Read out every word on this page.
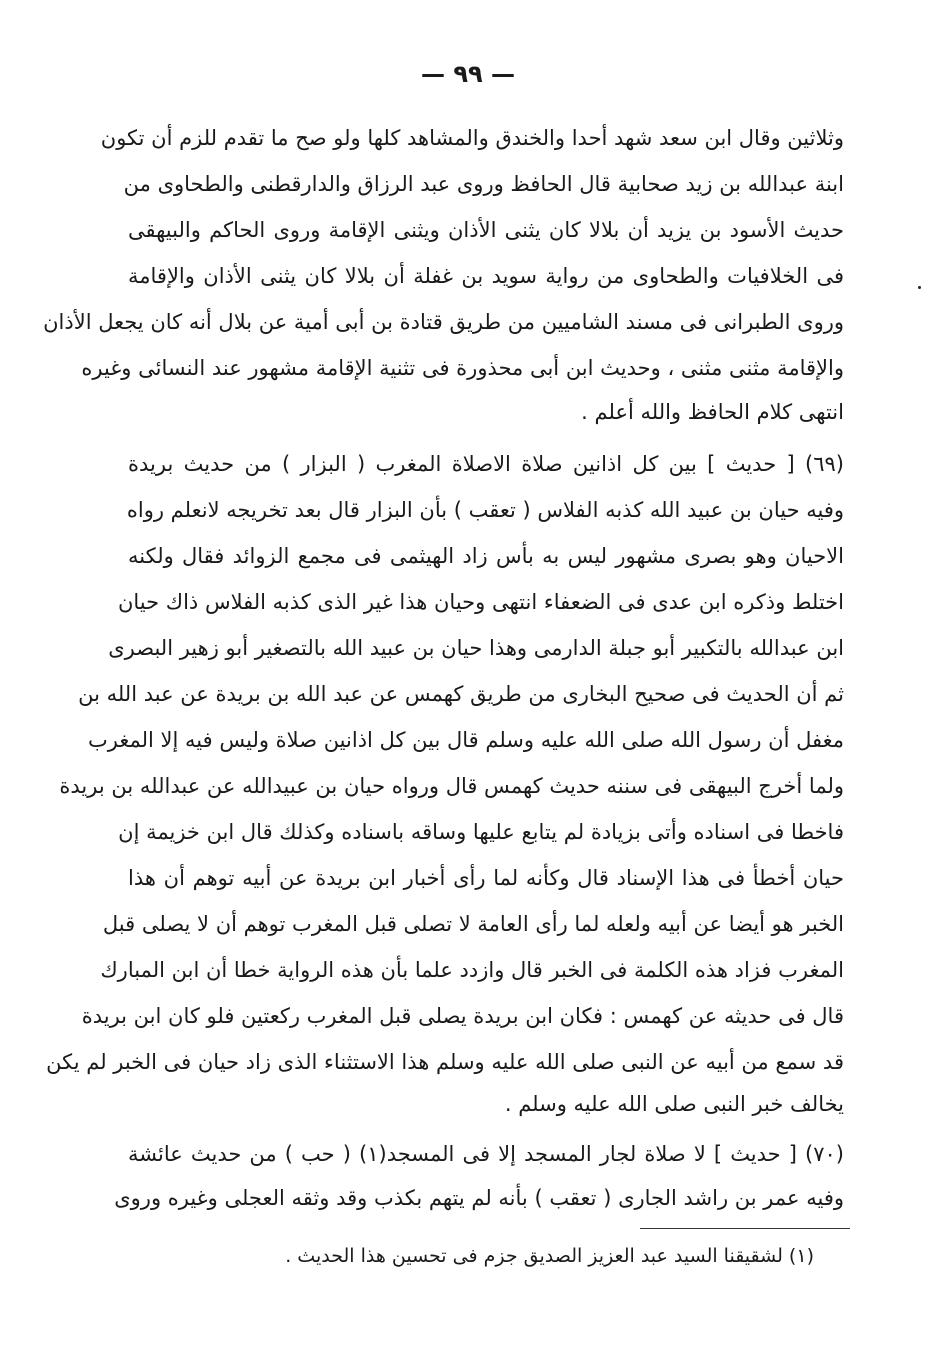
— ٩٩ —
وثلاثين وقال ابن سعد شهد أحدا والخندق والمشاهد كلها ولو صح ما تقدم للزم أن تكون
ابنة عبدالله بن زيد صحابية قال الحافظ وروى عبد الرزاق والدارقطنى والطحاوى من
حديث الأسود بن يزيد أن بلالا كان يثنى الأذان ويثنى الإقامة وروى الحاكم والبيهقى
فى الخلافيات والطحاوى من رواية سويد بن غفلة أن بلالا كان يثنى الأذان والإقامة
وروى الطبرانى فى مسند الشاميين من طريق قتادة بن أبى أمية عن بلال أنه كان يجعل الأذان
والإقامة مثنى مثنى ، وحديث ابن أبى محذورة فى تثنية الإقامة مشهور عند النسائى وغيره
انتهى كلام الحافظ والله أعلم .
(٦٩) [ حديث ] بين كل اذانين صلاة الاصلاة المغرب ( البزار ) من حديث بريدة
وفيه حيان بن عبيد الله كذبه الفلاس ( تعقب ) بأن البزار قال بعد تخريجه لانعلم رواه
الاحيان وهو بصرى مشهور ليس به بأس زاد الهيثمى فى مجمع الزوائد فقال ولكنه
اختلط وذكره ابن عدى فى الضعفاء انتهى وحيان هذا غير الذى كذبه الفلاس ذاك حيان
ابن عبدالله بالتكبير أبو جبلة الدارمى وهذا حيان بن عبيد الله بالتصغير أبو زهير البصرى
ثم أن الحديث فى صحيح البخارى من طريق كهمس عن عبد الله بن بريدة عن عبد الله بن
مغفل أن رسول الله صلى الله عليه وسلم قال بين كل اذانين صلاة وليس فيه إلا المغرب
ولما أخرج البيهقى فى سننه حديث كهمس قال ورواه حيان بن عبيدالله عن عبدالله بن بريدة
فاخطا فى اسناده وأتى بزيادة لم يتابع عليها وساقه باسناده وكذلك قال ابن خزيمة إن
حيان أخطأ فى هذا الإسناد قال وكأنه لما رأى أخبار ابن بريدة عن أبيه توهم أن هذا
الخبر هو أيضا عن أبيه ولعله لما رأى العامة لا تصلى قبل المغرب توهم أن لا يصلى قبل
المغرب فزاد هذه الكلمة فى الخبر قال وازدد علما بأن هذه الرواية خطا أن ابن المبارك
قال فى حديثه عن كهمس : فكان ابن بريدة يصلى قبل المغرب ركعتين فلو كان ابن بريدة
قد سمع من أبيه عن النبى صلى الله عليه وسلم هذا الاستثناء الذى زاد حيان فى الخبر لم يكن
يخالف خبر النبى صلى الله عليه وسلم .
(٧٠) [ حديث ] لا صلاة لجار المسجد إلا فى المسجد(١) ( حب ) من حديث عائشة
وفيه عمر بن راشد الجارى ( تعقب ) بأنه لم يتهم بكذب وقد وثقه العجلى وغيره وروى
(١) لشقيقنا السيد عبد العزيز الصديق جزم فى تحسين هذا الحديث .
